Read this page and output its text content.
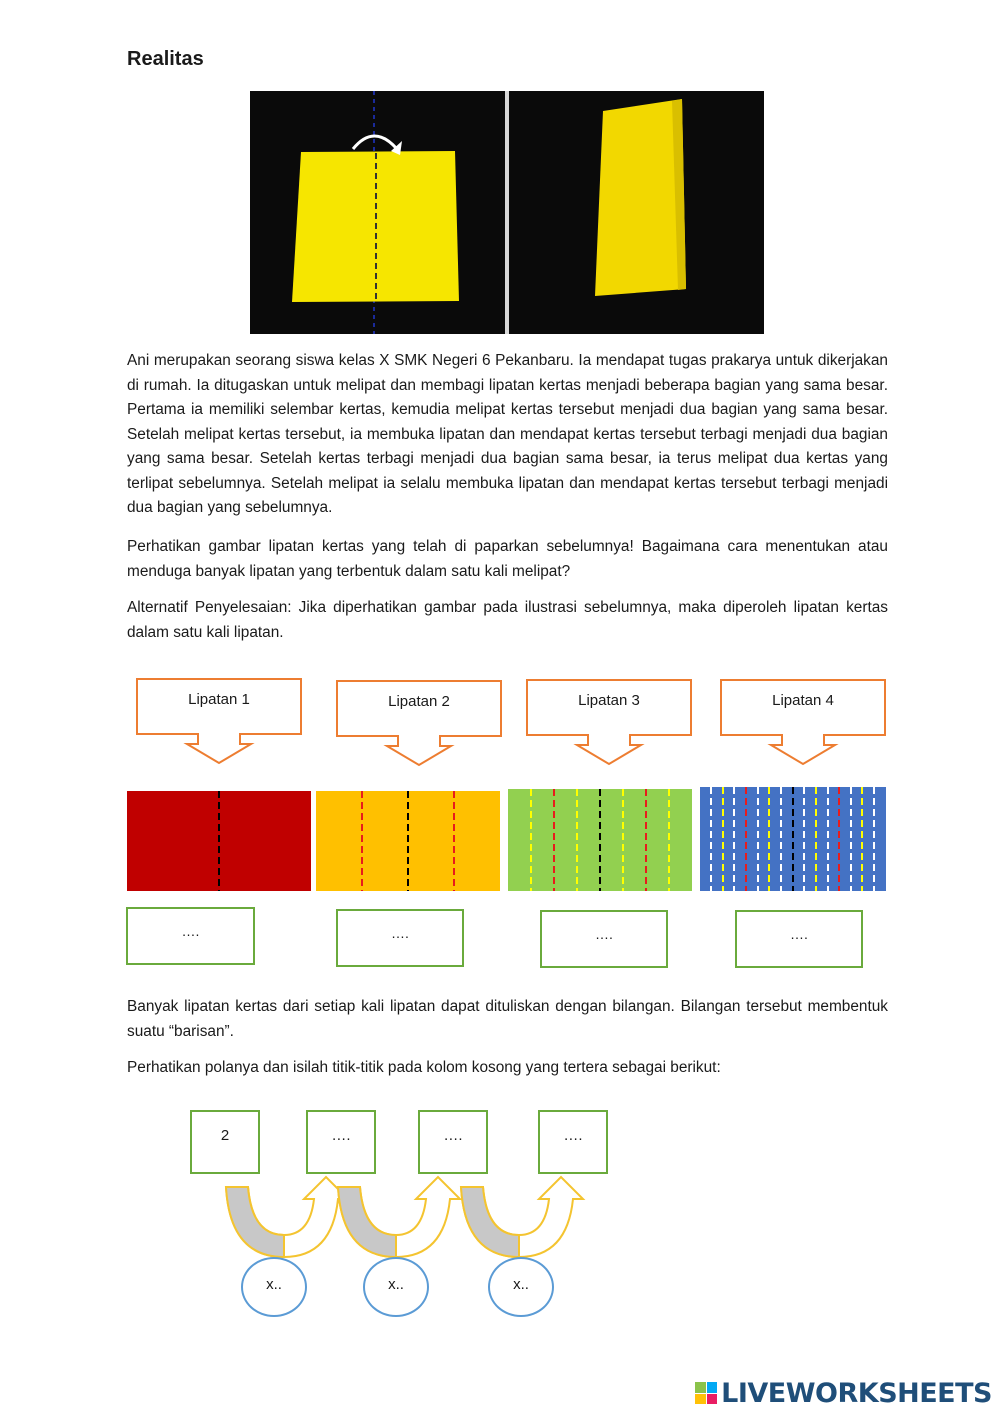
Realitas

Ani merupakan seorang siswa kelas X SMK Negeri 6 Pekanbaru. Ia mendapat tugas prakarya untuk dikerjakan di rumah. Ia ditugaskan untuk melipat dan membagi lipatan kertas menjadi beberapa bagian yang sama besar. Pertama ia memiliki selembar kertas, kemudia melipat kertas tersebut menjadi dua bagian yang sama besar. Setelah melipat kertas tersebut, ia membuka lipatan dan mendapat kertas tersebut terbagi menjadi dua bagian yang sama besar. Setelah kertas terbagi menjadi dua bagian sama besar, ia terus melipat dua kertas yang terlipat sebelumnya. Setelah melipat ia selalu membuka lipatan dan mendapat kertas tersebut terbagi menjadi dua bagian yang sebelumnya.

Perhatikan gambar lipatan kertas yang telah di paparkan sebelumnya! Bagaimana cara menentukan atau menduga banyak lipatan yang terbentuk dalam satu kali melipat?

Alternatif Penyelesaian: Jika diperhatikan gambar pada ilustrasi sebelumnya, maka diperoleh lipatan kertas dalam satu kali lipatan.

Lipatan 1	Lipatan 2	Lipatan 3	Lipatan 4
….	….	….	….

Banyak lipatan kertas dari setiap kali lipatan dapat dituliskan dengan bilangan. Bilangan tersebut membentuk suatu “barisan”.

Perhatikan polanya dan isilah titik-titik pada kolom kosong yang tertera sebagai berikut:

2	….	….	….
x..	x..	x..
LIVEWORKSHEETS
